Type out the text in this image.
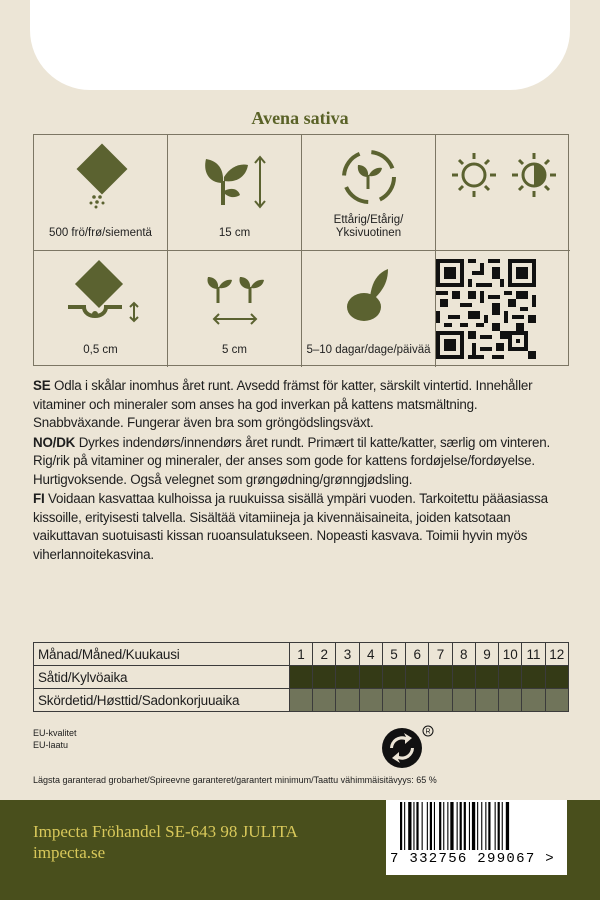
Avena sativa
500 frö/frø/siementä	15 cm
Ettårig/Etårig/ Yksivuotinen
0,5 cm	5 cm	5–10 dagar/dage/päivää

SE Odla i skålar inomhus året runt. Avsedd främst för katter, särskilt vintertid. Innehåller vitaminer och mineraler som anses ha god inverkan på kattens matsmältning. Snabbväxande. Fungerar även bra som gröngödslingsväxt.

NO/DK Dyrkes indendørs/innendørs året rundt. Primært til katte/katter, særlig om vinteren. Rig/rik på vitaminer og mineraler, der anses som gode for kattens fordøjelse/fordøyelse. Hurtigvoksende. Også velegnet som grøngødning/grønngjødsling.

FI Voidaan kasvattaa kulhoissa ja ruukuissa sisällä ympäri vuoden. Tarkoitettu pääasiassa kissoille, erityisesti talvella. Sisältää vitamiineja ja kivennäisaineita, joiden katsotaan vaikuttavan suotuisasti kissan ruoansulatukseen. Nopeasti kasvava. Toimii hyvin myös viherlannoitekasvina.

Månad/Måned/Kuukausi	1	2	3	4	5	6	7	8	9	10	11	12
Såtid/Kylvöaika												
Skördetid/Høsttid/Sadonkorjuuaika												
EU-kvalitet
EU-laatu
R
Lägsta garanterad grobarhet/Spireevne garanteret/garantert minimum/Taattu vähimmäisitävyys: 65 %
Impecta Fröhandel SE-643 98 JULITA
impecta.se	7 332756 299067 >
